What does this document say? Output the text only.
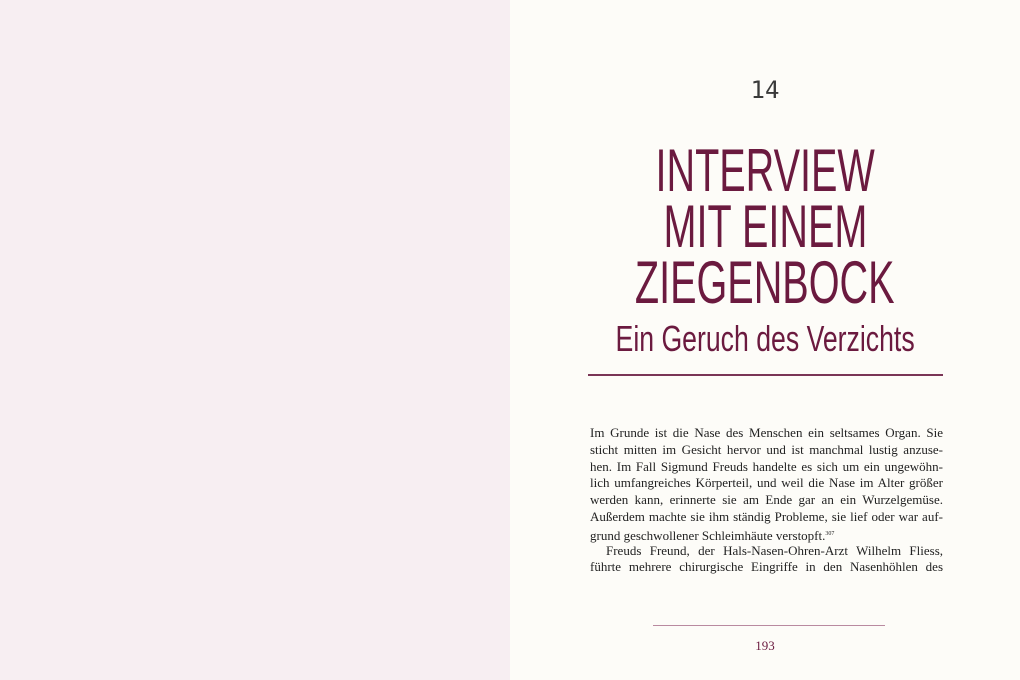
14
INTERVIEW
MIT EINEM
ZIEGENBOCK
Ein Geruch des Verzichts
Im Grunde ist die Nase des Menschen ein seltsames Organ. Sie
sticht mitten im Gesicht hervor und ist manchmal lustig anzuse-
hen. Im Fall Sigmund Freuds handelte es sich um ein ungewöhn-
lich umfangreiches Körperteil, und weil die Nase im Alter größer
werden kann, erinnerte sie am Ende gar an ein Wurzelgemüse.
Außerdem machte sie ihm ständig Probleme, sie lief oder war auf-
grund geschwollener Schleimhäute verstopft.$^{307}$
Freuds Freund, der Hals-Nasen-Ohren-Arzt Wilhelm Fliess,
führte mehrere chirurgische Eingriffe in den Nasenhöhlen des
193
